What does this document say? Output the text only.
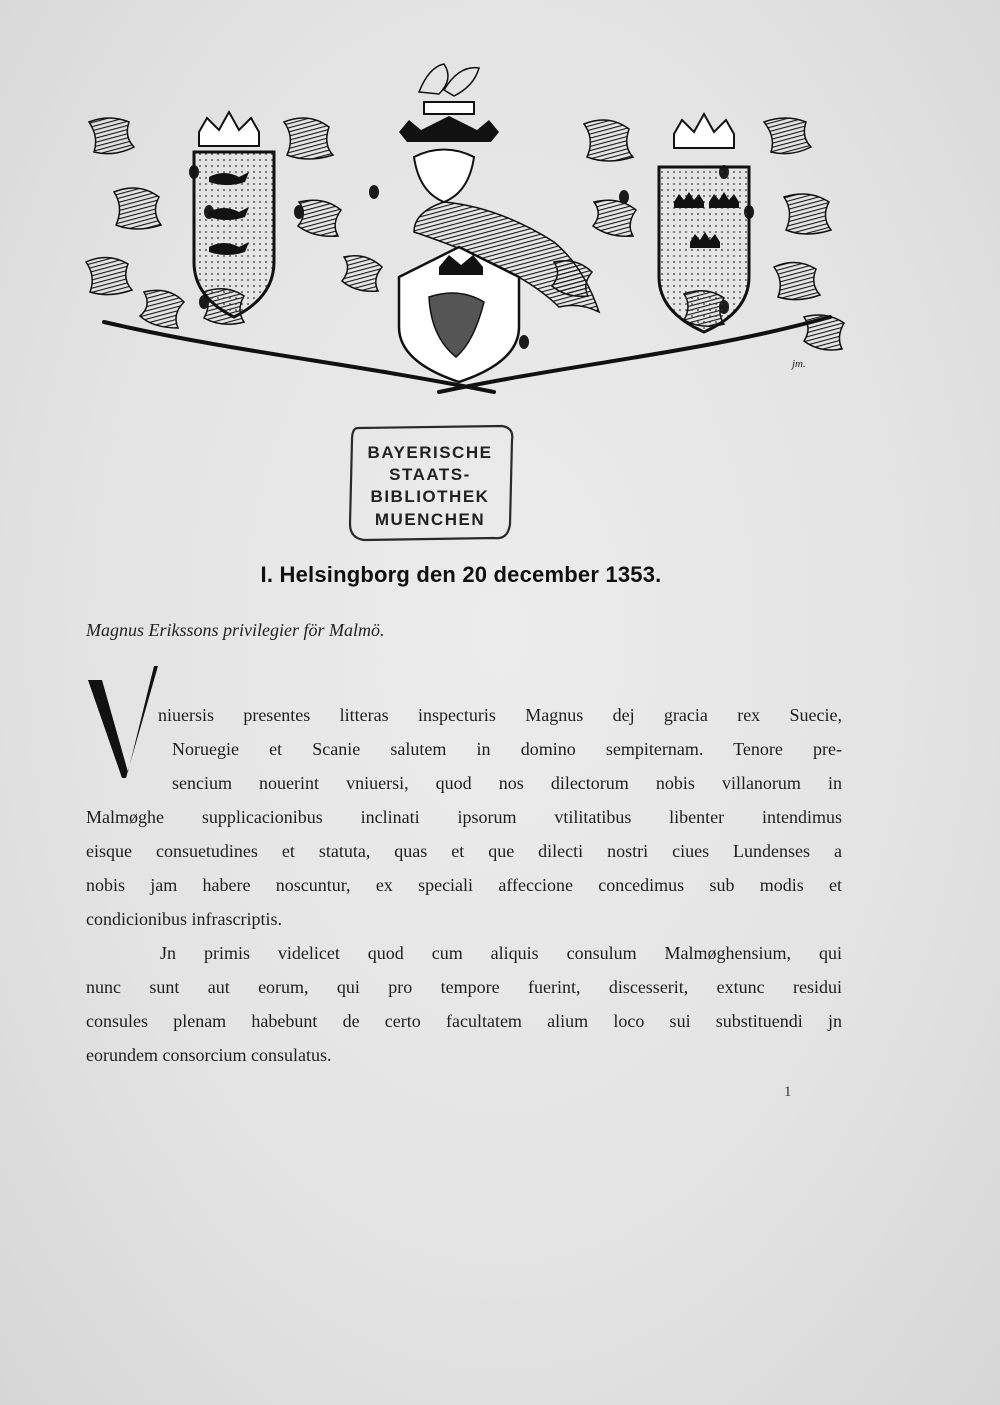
jm.
BAYERISCHE
STAATS-
BIBLIOTHEK
MUENCHEN
I. Helsingborg den 20 december 1353.
Magnus Erikssons privilegier för Malmö.
niuersis presentes litteras inspecturis Magnus dej gracia rex Suecie,
Noruegie et Scanie salutem in domino sempiternam. Tenore pre-
sencium nouerint vniuersi, quod nos dilectorum nobis villanorum in
Malmøghe supplicacionibus inclinati ipsorum vtilitatibus libenter intendimus
eisque consuetudines et statuta, quas et que dilecti nostri ciues Lundenses a
nobis jam habere noscuntur, ex speciali affeccione concedimus sub modis et
condicionibus infrascriptis.
Jn primis videlicet quod cum aliquis consulum Malmøghensium, qui
nunc sunt aut eorum, qui pro tempore fuerint, discesserit, extunc residui
consules plenam habebunt de certo facultatem alium loco sui substituendi jn
eorundem consorcium consulatus.
1
